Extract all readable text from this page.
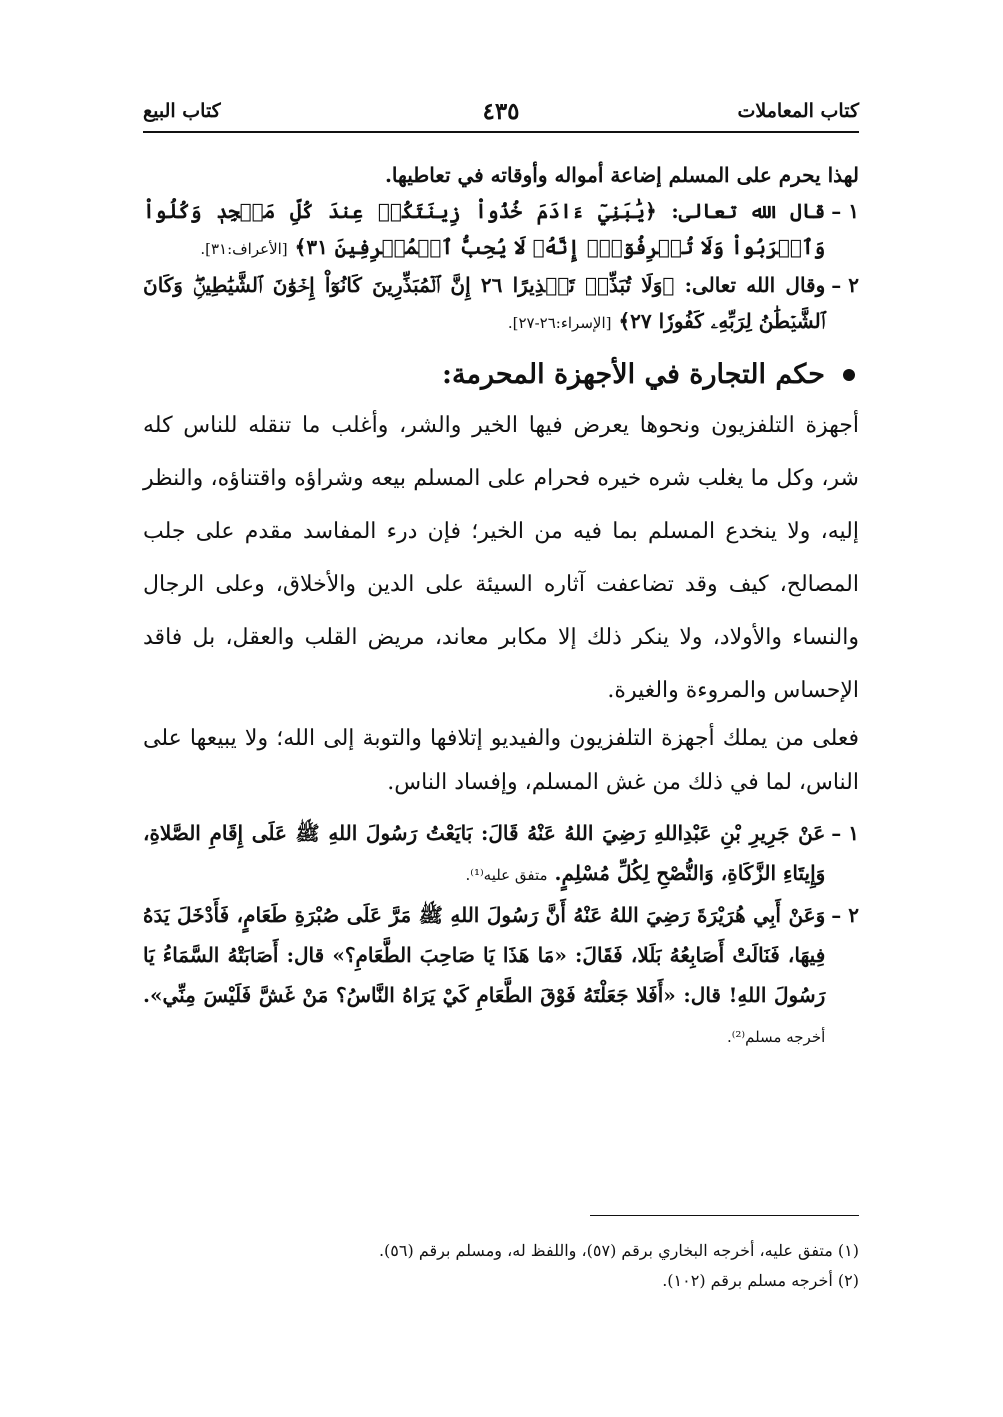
كتاب المعاملات
٤٣٥
كتاب البيع

لهذا يحرم على المسلم إضاعة أمواله وأوقاته في تعاطيها.

١ –
قال الله تعالى: ﴿يَٰبَنِيٓ ءَادَمَ خُذُواْ زِينَتَكُمۡ عِندَ كُلِّ مَسۡجِدٖ وَكُلُواْ وَٱشۡرَبُواْ وَلَا تُسۡرِفُوٓاْۚ إِنَّهُۥ لَا يُحِبُّ ٱلۡمُسۡرِفِينَ ٣١﴾ [الأعراف:٣١].
٢ –
وقال الله تعالى: ﴿وَلَا تُبَذِّرۡ تَبۡذِيرًا ٢٦ إِنَّ ٱلۡمُبَذِّرِينَ كَانُوٓاْ إِخۡوَٰنَ ٱلشَّيَٰطِينِۖ وَكَانَ ٱلشَّيۡطَٰنُ لِرَبِّهِۦ كَفُورٗا ٢٧﴾ [الإسراء:٢٦-٢٧].
حكم التجارة في الأجهزة المحرمة:

أجهزة التلفزيون ونحوها يعرض فيها الخير والشر، وأغلب ما تنقله للناس كله شر، وكل ما يغلب شره خيره فحرام على المسلم بيعه وشراؤه واقتناؤه، والنظر إليه، ولا ينخدع المسلم بما فيه من الخير؛ فإن درء المفاسد مقدم على جلب المصالح، كيف وقد تضاعفت آثاره السيئة على الدين والأخلاق، وعلى الرجال والنساء والأولاد، ولا ينكر ذلك إلا مكابر معاند، مريض القلب والعقل، بل فاقد الإحساس والمروءة والغيرة.

فعلى من يملك أجهزة التلفزيون والفيديو إتلافها والتوبة إلى الله؛ ولا يبيعها على الناس، لما في ذلك من غش المسلم، وإفساد الناس.

١ –
عَنْ جَرِيرِ بْنِ عَبْدِاللهِ رَضِيَ اللهُ عَنْهُ قَالَ: بَايَعْتُ رَسُولَ اللهِ ﷺ عَلَى إِقَامِ الصَّلاةِ، وَإِيتَاءِ الزَّكَاةِ، وَالنُّصْحِ لِكُلِّ مُسْلِمٍ. متفق عليه⁽¹⁾.
٢ –
وَعَنْ أَبِي هُرَيْرَةَ رَضِيَ اللهُ عَنْهُ أَنَّ رَسُولَ اللهِ ﷺ مَرَّ عَلَى صُبْرَةِ طَعَامٍ، فَأَدْخَلَ يَدَهُ فِيهَا، فَنَالَتْ أَصَابِعُهُ بَلَلا، فَقَالَ: «مَا هَذَا يَا صَاحِبَ الطَّعَامِ؟» قال: أَصَابَتْهُ السَّمَاءُ يَا رَسُولَ اللهِ! قال: «أَفَلا جَعَلْتَهُ فَوْقَ الطَّعَامِ كَيْ يَرَاهُ النَّاسُ؟ مَنْ غَشَّ فَلَيْسَ مِنِّي». أخرجه مسلم⁽²⁾.
(١) متفق عليه، أخرجه البخاري برقم (٥٧)، واللفظ له، ومسلم برقم (٥٦).
(٢) أخرجه مسلم برقم (١٠٢).
